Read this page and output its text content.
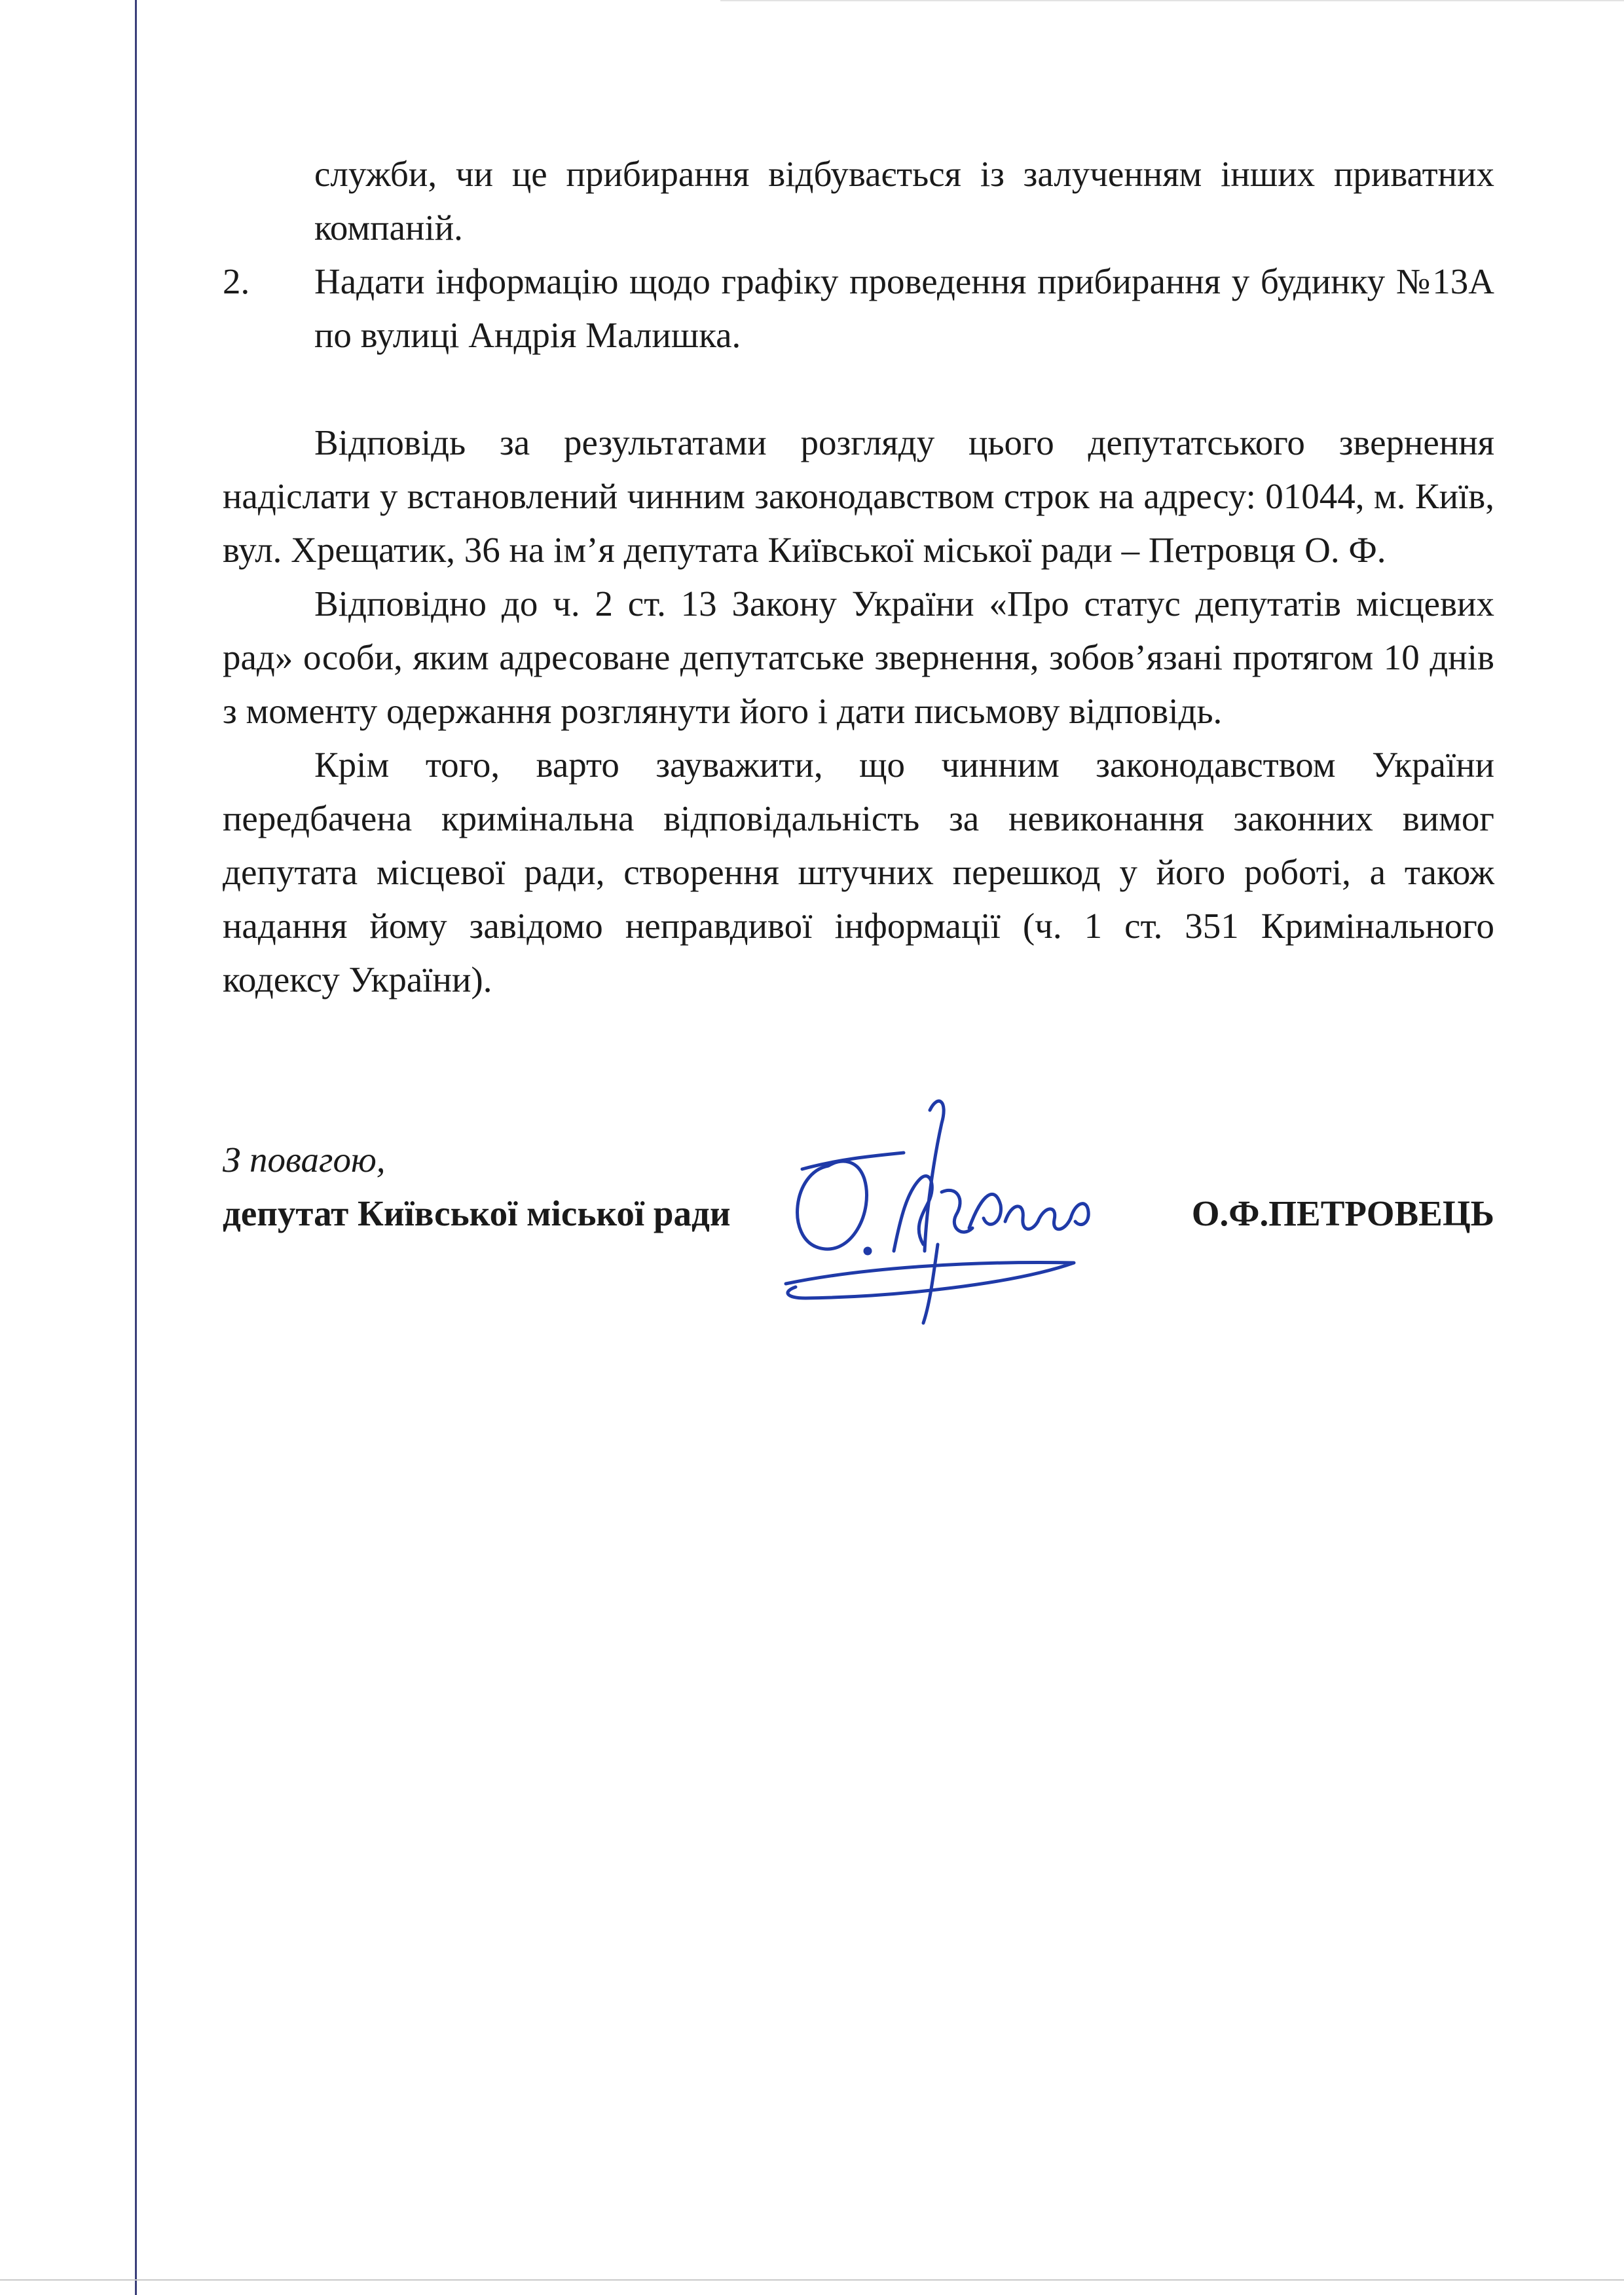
служби, чи це прибирання відбувається із залученням інших приватних компаній.

2.	Надати інформацію щодо графіку проведення прибирання у будинку №13А по вулиці Андрія Малишка.

Відповідь за результатами розгляду цього депутатського звернення надіслати у встановлений чинним законодавством строк на адресу: 01044, м. Київ, вул. Хрещатик, 36 на ім’я депутата Київської міської ради – Петровця О. Ф.

Відповідно до ч. 2 ст. 13 Закону України «Про статус депутатів місцевих рад» особи, яким адресоване депутатське звернення, зобов’язані протягом 10 днів з моменту одержання розглянути його і дати письмову відповідь.

Крім того, варто зауважити, що чинним законодавством України передбачена кримінальна відповідальність за невиконання законних вимог депутата місцевої ради, створення штучних перешкод у його роботі, а також надання йому завідомо неправдивої інформації (ч. 1 ст. 351 Кримінального кодексу України).

З повагою,
депутат Київської міської ради	О.Ф.ПЕТРОВЕЦЬ
